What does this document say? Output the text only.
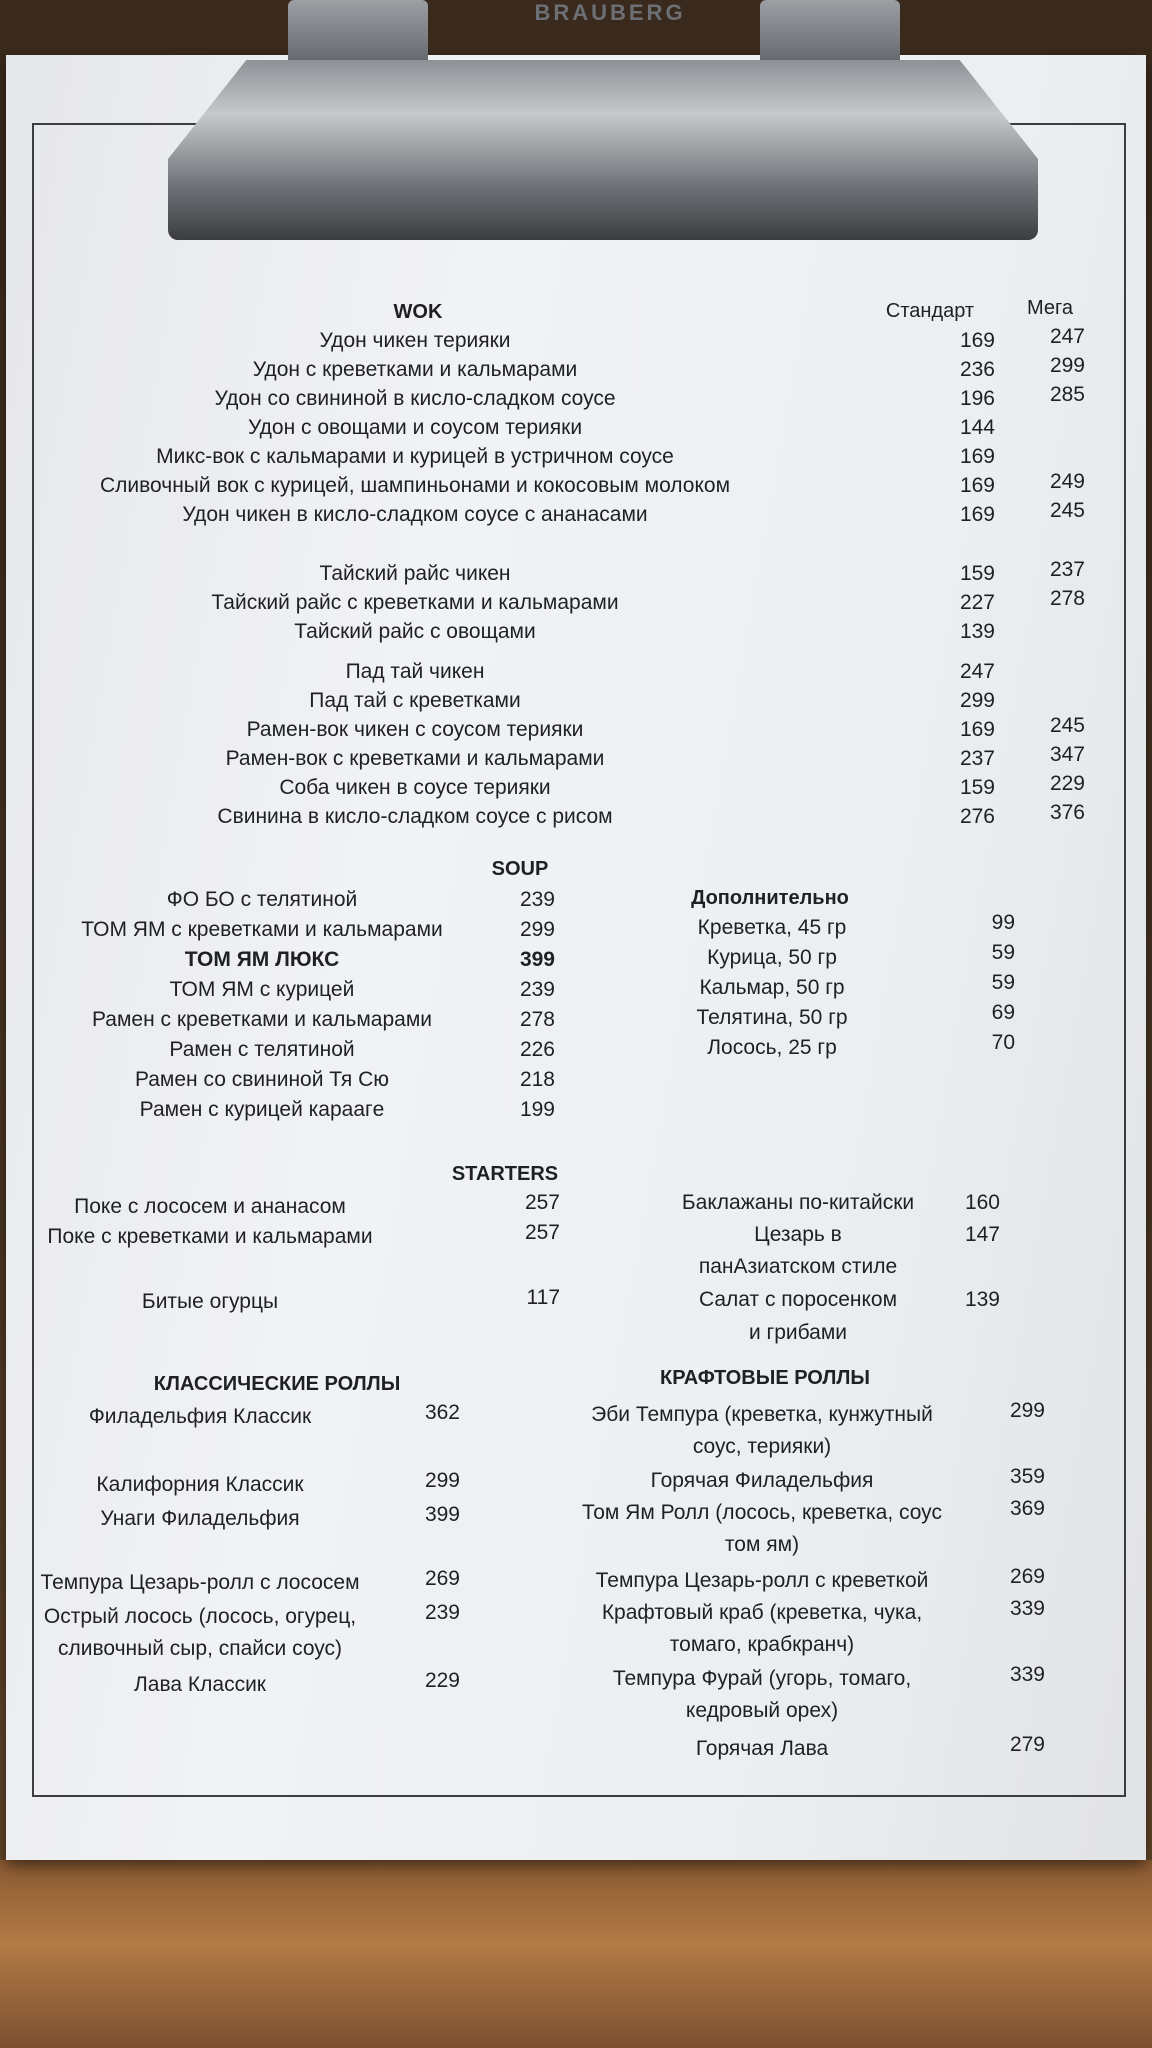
BRAUBERG
WOK	Стандарт	Мега
Удон чикен терияки	169	247
Удон с креветками и кальмарами	236	299
Удон со свининой в кисло-сладком соусе	196	285
Удон с овощами и соусом терияки	144
Микс-вок с кальмарами и курицей в устричном соусе	169
Сливочный вок с курицей, шампиньонами и кокосовым молоком	169	249
Удон чикен в кисло-сладком соусе с ананасами	169	245
Тайский райс чикен	159	237
Тайский райс с креветками и кальмарами	227	278
Тайский райс с овощами	139
Пад тай чикен	247
Пад тай с креветками	299
Рамен-вок чикен с соусом терияки	169	245
Рамен-вок с креветками и кальмарами	237	347
Соба чикен в соусе терияки	159	229
Свинина в кисло-сладком соусе с рисом	276	376
SOUP
ФО БО с телятиной	239
ТОМ ЯМ с креветками и кальмарами	299
ТОМ ЯМ ЛЮКС	399
ТОМ ЯМ с курицей	239
Рамен с креветками и кальмарами	278
Рамен с телятиной	226
Рамен со свининой Тя Сю	218
Рамен с курицей караагe	199
Дополнительно
Креветка, 45 гр	99
Курица, 50 гр	59
Кальмар, 50 гр	59
Телятина, 50 гр	69
Лосось, 25 гр	70
STARTERS
Поке с лососем и ананасом	257
Поке с креветками и кальмарами	257
Битые огурцы	117
Баклажаны по-китайски	160
Цезарь в	147
панАзиатском стиле
Салат с поросенком	139
и грибами
КЛАССИЧЕСКИЕ РОЛЛЫ
Филадельфия Классик	362
Калифорния Классик	299
Унаги Филадельфия	399
Темпура Цезарь-ролл с лососем	269
Острый лосось (лосось, огурец,	239
сливочный сыр, спайси соус)
Лава Классик	229
КРАФТОВЫЕ РОЛЛЫ
Эби Темпура (креветка, кунжутный	299
соус, терияки)
Горячая Филадельфия	359
Том Ям Ролл (лосось, креветка, соус	369
том ям)
Темпура Цезарь-ролл с креветкой	269
Крафтовый краб (креветка, чука,	339
томаго, крабкранч)
Темпура Фурай (угорь, томаго,	339
кедровый орех)
Горячая Лава	279
